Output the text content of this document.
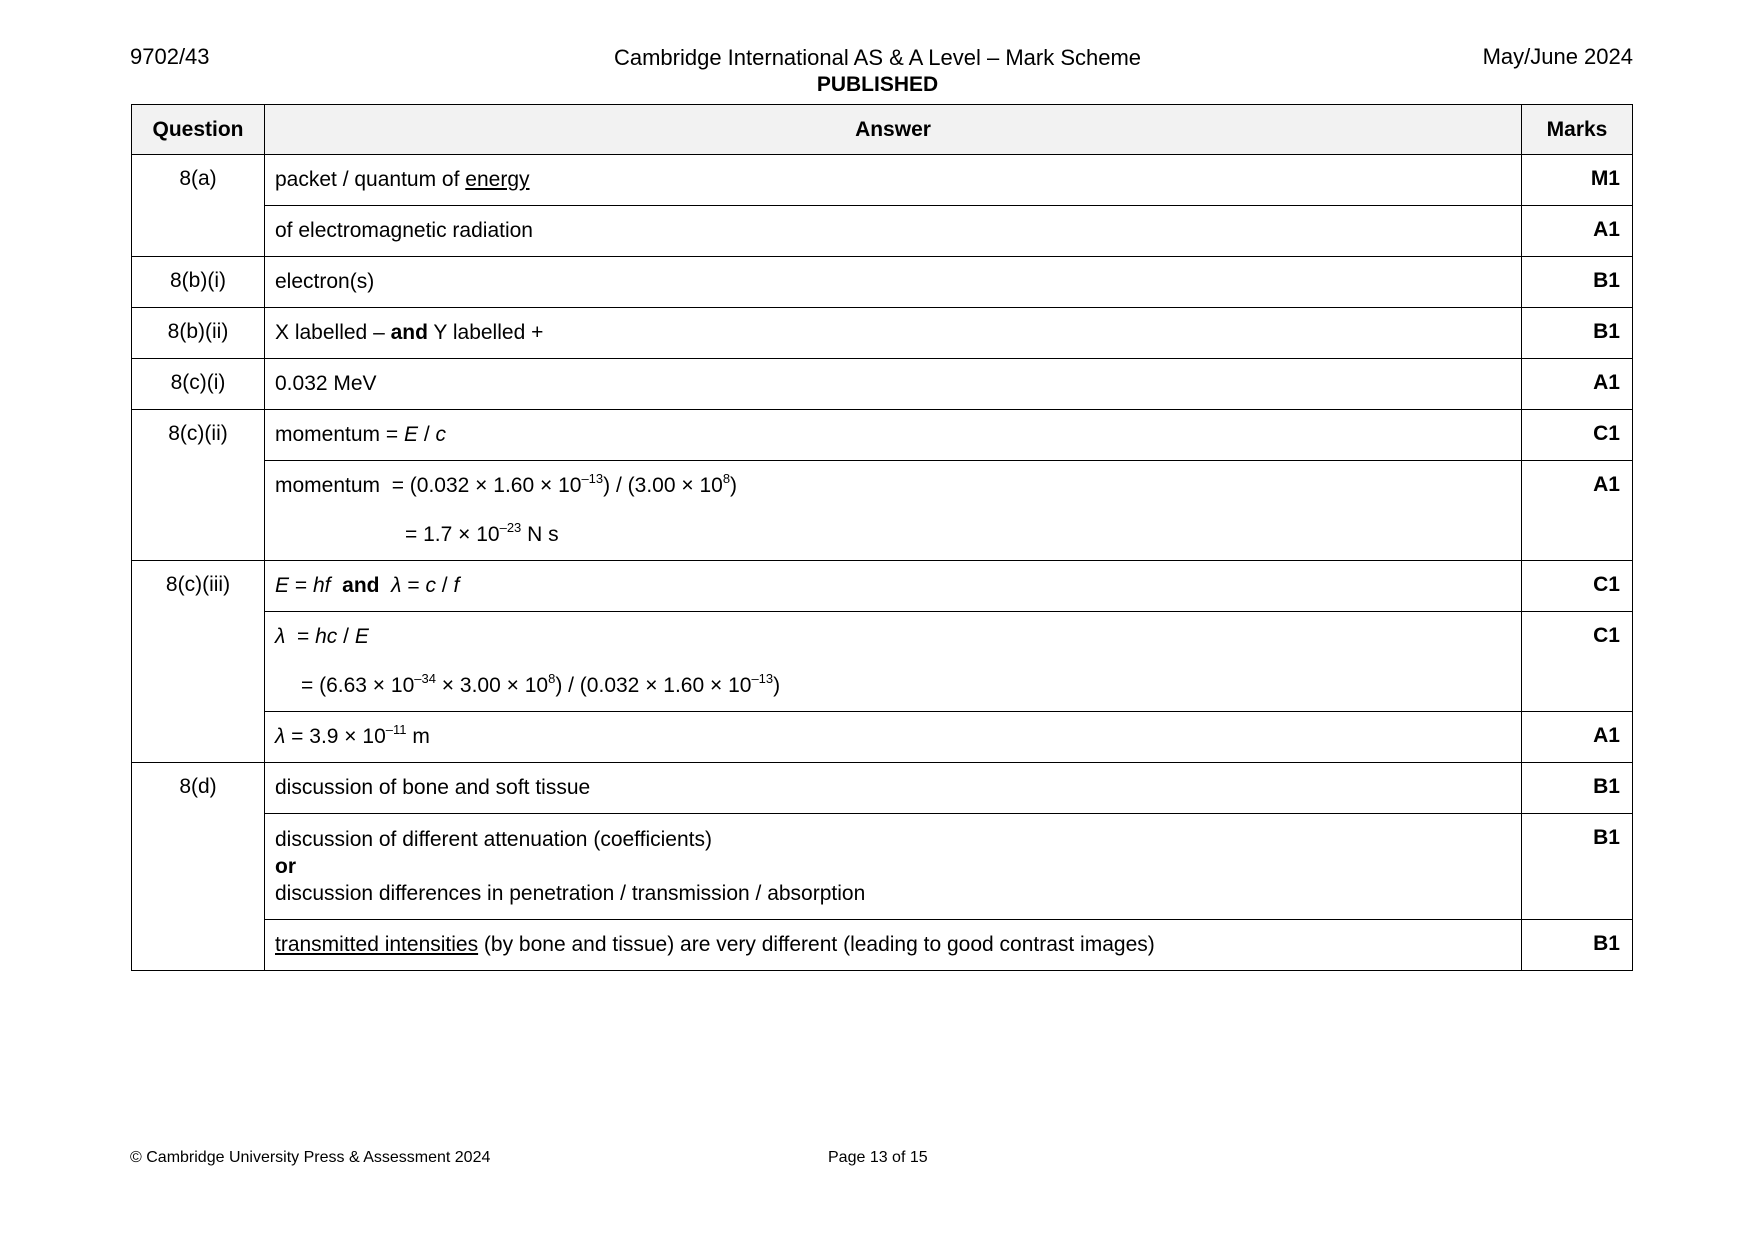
9702/43	Cambridge International AS & A Level – Mark Scheme
PUBLISHED
May/June 2024
Question	Answer	Marks
8(a)	packet / quantum of energy	M1
	of electromagnetic radiation	A1
8(b)(i)	electron(s)	B1
8(b)(ii)	X labelled – and Y labelled +	B1
8(c)(i)	0.032 MeV	A1
8(c)(ii)	momentum = E / c	C1

	momentum  = $(0.032 \times 1.60 \times 10^{-13}) / (3.00 \times 10^8)$
= $1.7 \times 10^{-23}$ N s	A1
8(c)(iii)	E = hf and λ = c / f	C1

	λ  = hc / E
= $(6.63 \times 10^{-34} \times 3.00 \times 10^8) / (0.032 \times 1.60 \times 10^{-13})$	C1
	$\lambda = 3.9 \times 10^{-11}$ m	A1
8(d)	discussion of bone and soft tissue	B1

	discussion of different attenuation (coefficients)
or
discussion differences in penetration / transmission / absorption	B1
	transmitted intensities (by bone and tissue) are very different (leading to good contrast images)	B1
© Cambridge University Press & Assessment 2024	Page 13 of 15
